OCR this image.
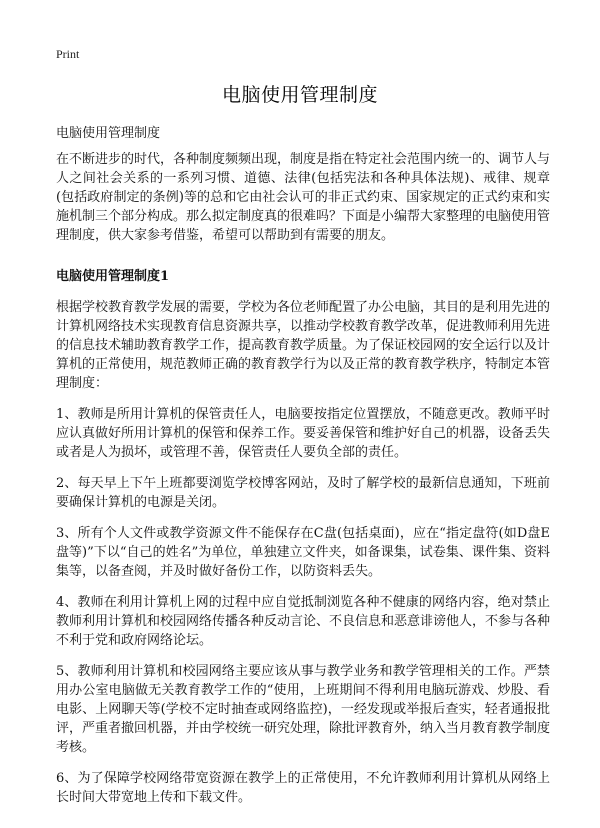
Print
电脑使用管理制度
电脑使用管理制度

在不断进步的时代，各种制度频频出现，制度是指在特定社会范围内统一的、调节人与人之间社会关系的一系列习惯、道德、法律(包括宪法和各种具体法规)、戒律、规章(包括政府制定的条例)等的总和它由社会认可的非正式约束、国家规定的正式约束和实施机制三个部分构成。那么拟定制度真的很难吗？下面是小编帮大家整理的电脑使用管理制度，供大家参考借鉴，希望可以帮助到有需要的朋友。

电脑使用管理制度1

根据学校教育教学发展的需要，学校为各位老师配置了办公电脑，其目的是利用先进的计算机网络技术实现教育信息资源共享，以推动学校教育教学改革，促进教师利用先进的信息技术辅助教育教学工作，提高教育教学质量。为了保证校园网的安全运行以及计算机的正常使用，规范教师正确的教育教学行为以及正常的教育教学秩序，特制定本管理制度：

1、教师是所用计算机的保管责任人，电脑要按指定位置摆放，不随意更改。教师平时应认真做好所用计算机的保管和保养工作。要妥善保管和维护好自己的机器，设备丢失或者是人为损坏，或管理不善，保管责任人要负全部的责任。

2、每天早上下午上班都要浏览学校博客网站，及时了解学校的最新信息通知，下班前要确保计算机的电源是关闭。

3、所有个人文件或教学资源文件不能保存在C盘(包括桌面)，应在“指定盘符(如D盘E盘等)”下以“自己的姓名”为单位，单独建立文件夹，如备课集，试卷集、课件集、资料集等，以备查阅，并及时做好备份工作，以防资料丢失。

4、教师在利用计算机上网的过程中应自觉抵制浏览各种不健康的网络内容，绝对禁止教师利用计算机和校园网络传播各种反动言论、不良信息和恶意诽谤他人，不参与各种不利于党和政府网络论坛。

5、教师利用计算机和校园网络主要应该从事与教学业务和教学管理相关的工作。严禁用办公室电脑做无关教育教学工作的“使用，上班期间不得利用电脑玩游戏、炒股、看电影、上网聊天等(学校不定时抽查或网络监控)，一经发现或举报后查实，轻者通报批评，严重者撤回机器，并由学校统一研究处理，除批评教育外，纳入当月教育教学制度考核。

6、为了保障学校网络带宽资源在教学上的正常使用，不允许教师利用计算机从网络上长时间大带宽地上传和下载文件。
